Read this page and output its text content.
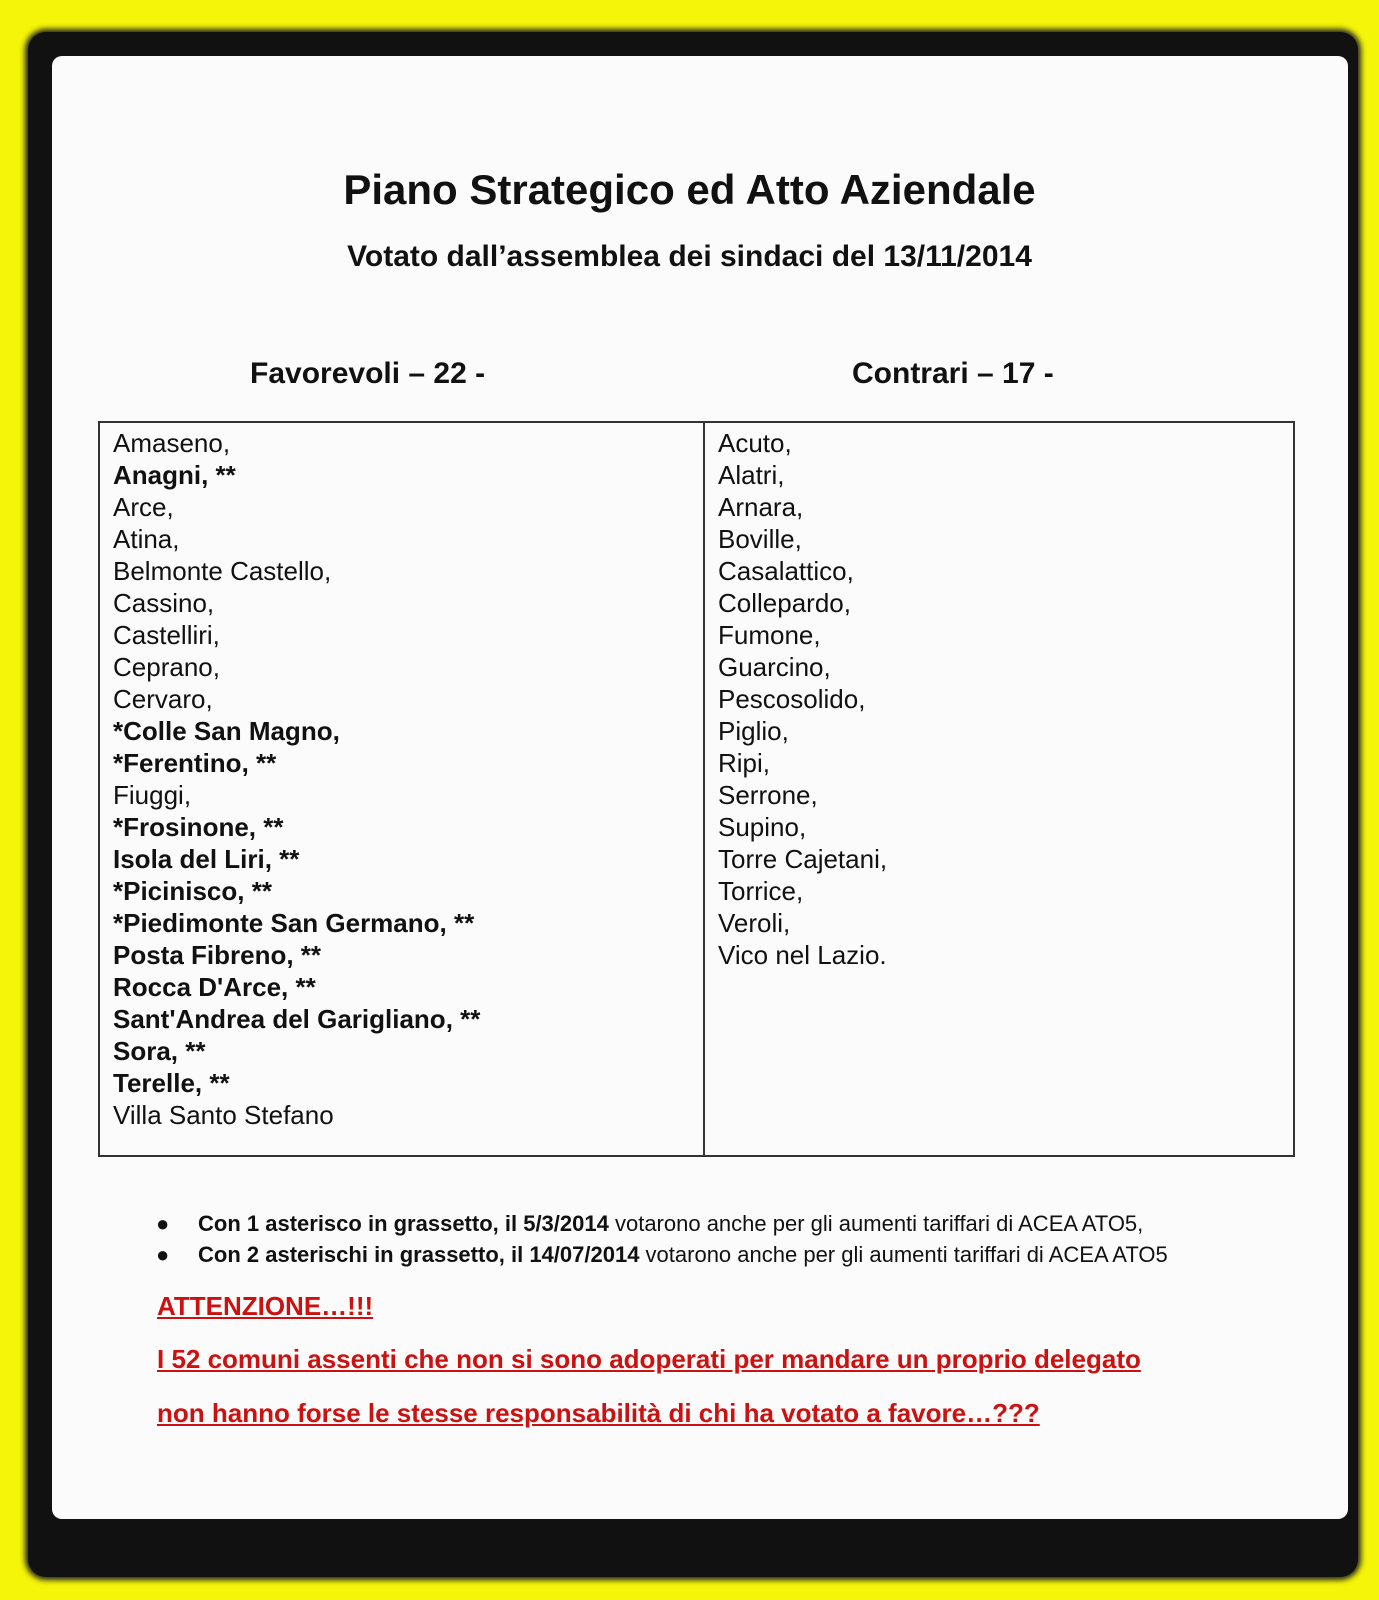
Piano Strategico ed Atto Aziendale
Votato dall’assemblea dei sindaci del 13/11/2014
Favorevoli – 22 -	Contrari – 17 -
Amaseno,
Anagni, **
Arce,
Atina,
Belmonte Castello,
Cassino,
Castelliri,
Ceprano,
Cervaro,
*Colle San Magno,
*Ferentino, **
Fiuggi,
*Frosinone, **
Isola del Liri, **
*Picinisco, **
*Piedimonte San Germano, **
Posta Fibreno, **
Rocca D'Arce, **
Sant'Andrea del Garigliano, **
Sora, **
Terelle, **
Villa Santo Stefano
Acuto,
Alatri,
Arnara,
Boville,
Casalattico,
Collepardo,
Fumone,
Guarcino,
Pescosolido,
Piglio,
Ripi,
Serrone,
Supino,
Torre Cajetani,
Torrice,
Veroli,
Vico nel Lazio.
● Con 1 asterisco in grassetto, il 5/3/2014 votarono anche per gli aumenti tariffari di ACEA ATO5,
● Con 2 asterischi in grassetto, il 14/07/2014 votarono anche per gli aumenti tariffari di ACEA ATO5

ATTENZIONE…!!!

I 52 comuni assenti che non si sono adoperati per mandare un proprio delegato

non hanno forse le stesse responsabilità di chi ha votato a favore…???
